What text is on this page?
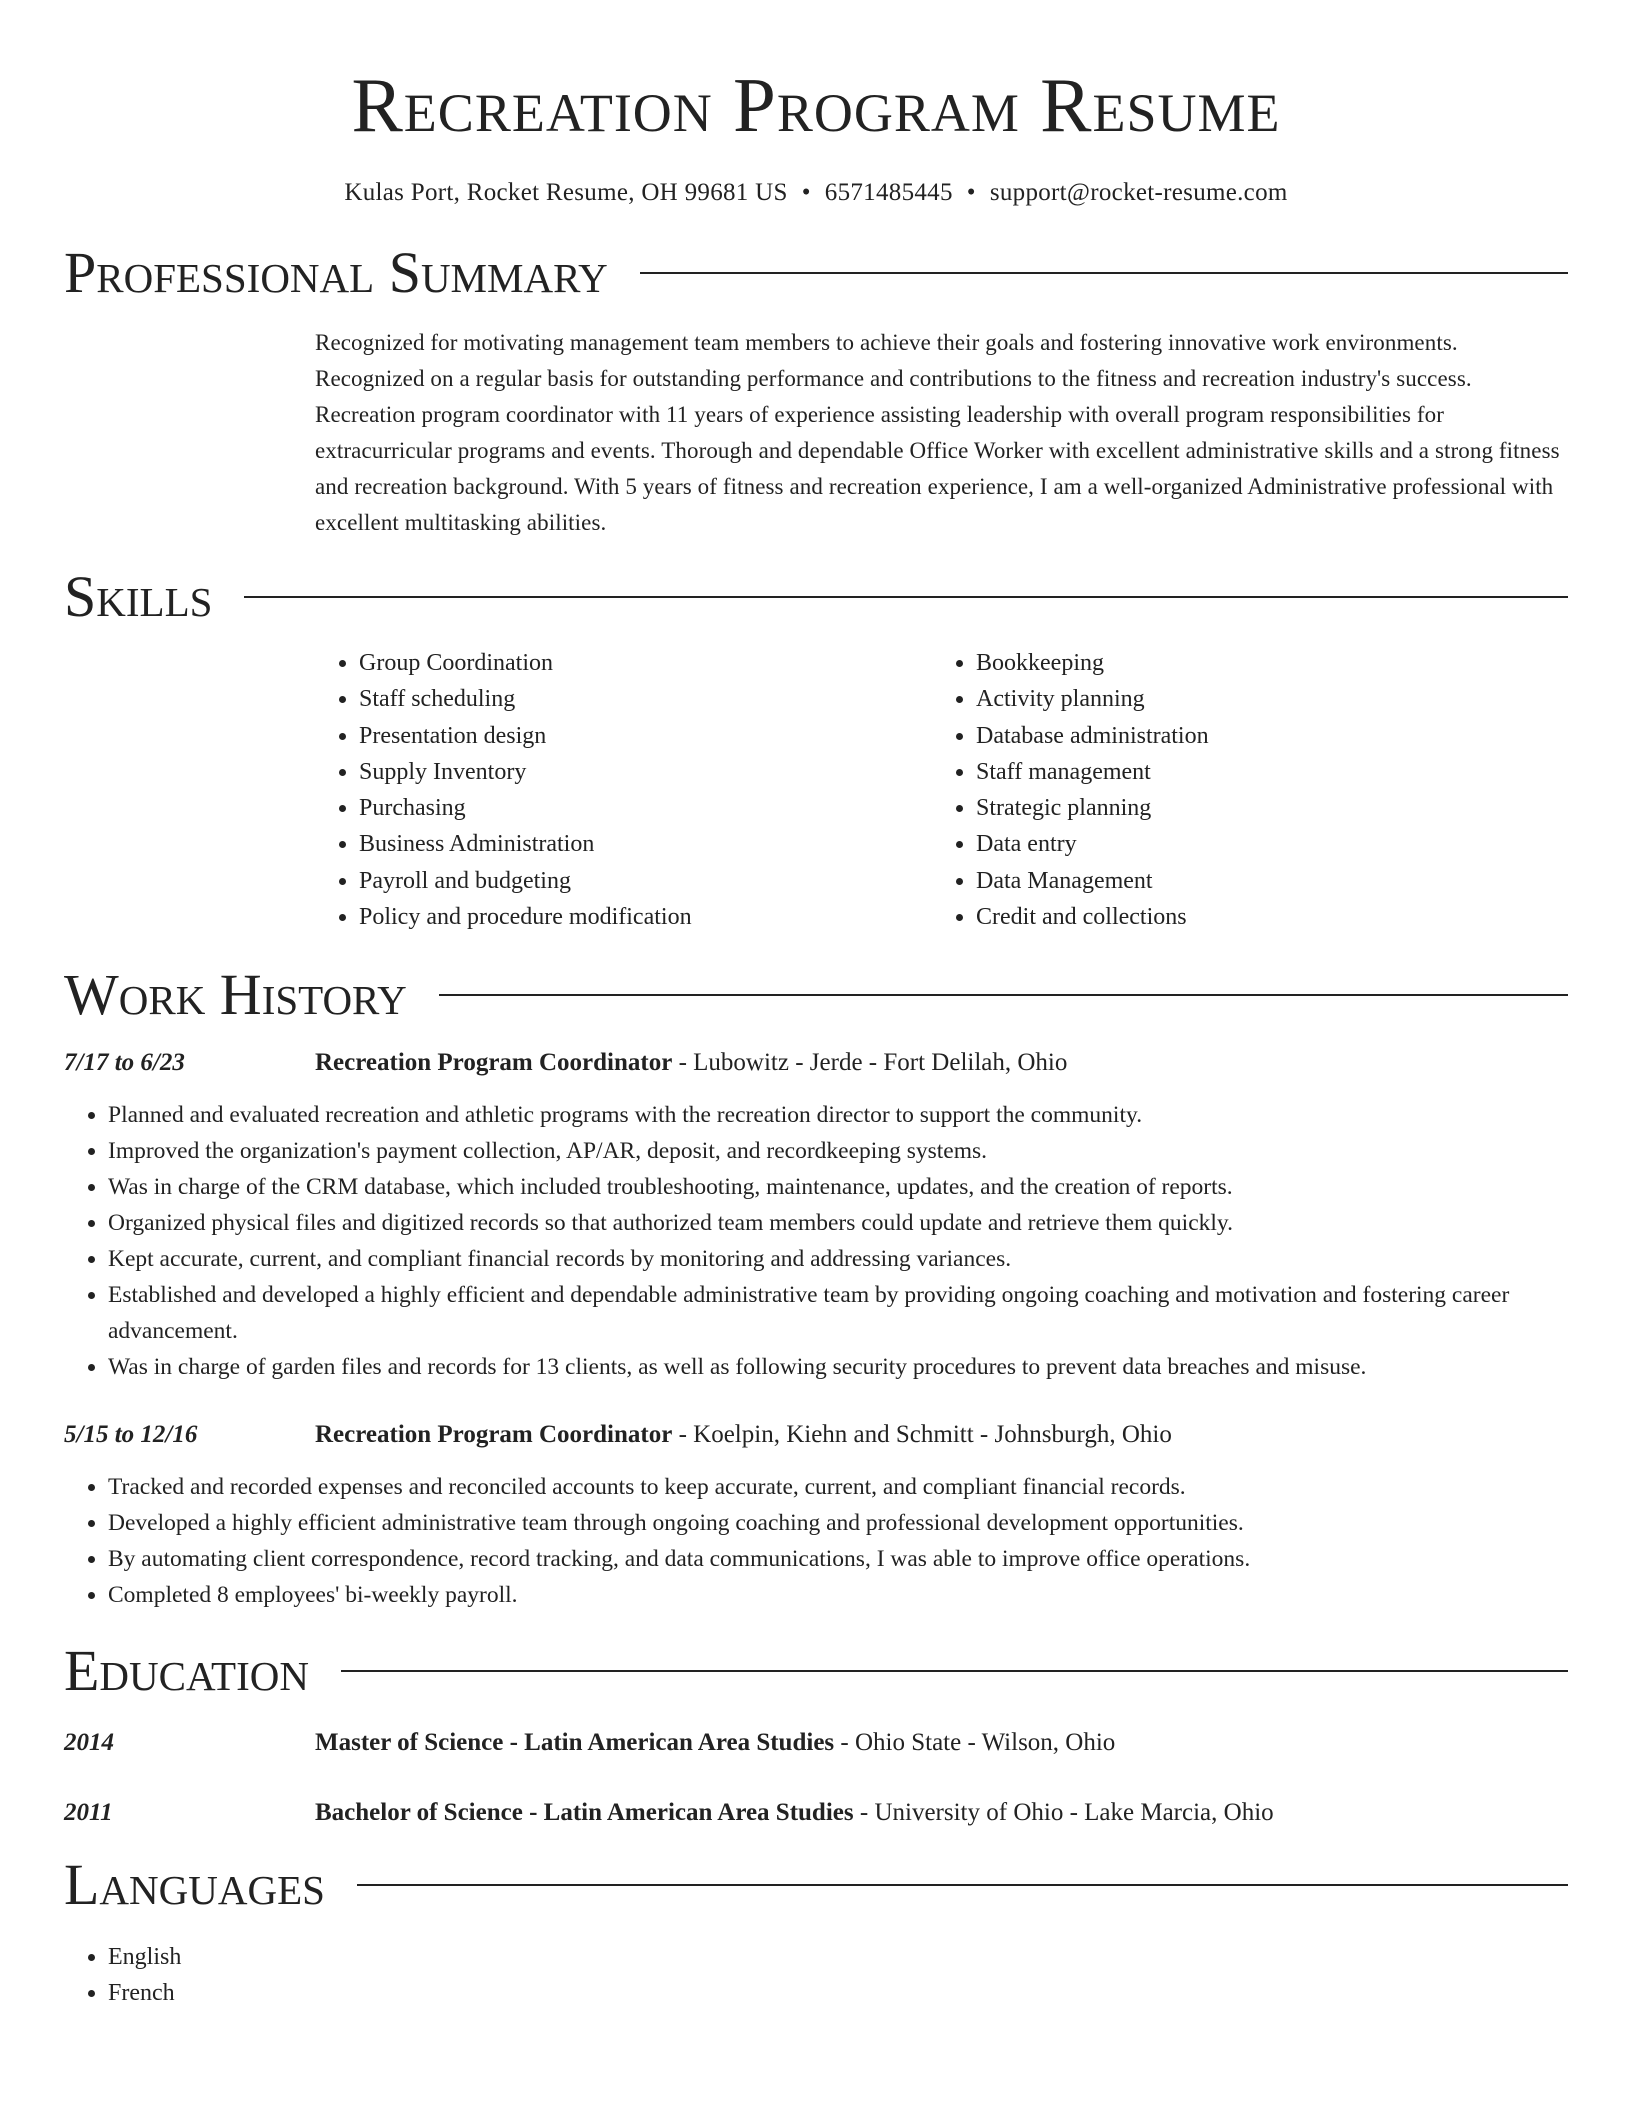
Recreation Program Resume
Kulas Port, Rocket Resume, OH 99681 US • 6571485445 • support@rocket-resume.com
Professional Summary
Recognized for motivating management team members to achieve their goals and fostering innovative work environments. Recognized on a regular basis for outstanding performance and contributions to the fitness and recreation industry's success. Recreation program coordinator with 11 years of experience assisting leadership with overall program responsibilities for extracurricular programs and events. Thorough and dependable Office Worker with excellent administrative skills and a strong fitness and recreation background. With 5 years of fitness and recreation experience, I am a well-organized Administrative professional with excellent multitasking abilities.
Skills
• Group Coordination
• Staff scheduling
• Presentation design
• Supply Inventory
• Purchasing
• Business Administration
• Payroll and budgeting
• Policy and procedure modification
• Bookkeeping
• Activity planning
• Database administration
• Staff management
• Strategic planning
• Data entry
• Data Management
• Credit and collections
Work History
7/17 to 6/23	Recreation Program Coordinator - Lubowitz - Jerde - Fort Delilah, Ohio
• Planned and evaluated recreation and athletic programs with the recreation director to support the community.
• Improved the organization's payment collection, AP/AR, deposit, and recordkeeping systems.
• Was in charge of the CRM database, which included troubleshooting, maintenance, updates, and the creation of reports.
• Organized physical files and digitized records so that authorized team members could update and retrieve them quickly.
• Kept accurate, current, and compliant financial records by monitoring and addressing variances.
• Established and developed a highly efficient and dependable administrative team by providing ongoing coaching and motivation and fostering career advancement.
• Was in charge of garden files and records for 13 clients, as well as following security procedures to prevent data breaches and misuse.
5/15 to 12/16	Recreation Program Coordinator - Koelpin, Kiehn and Schmitt - Johnsburgh, Ohio
• Tracked and recorded expenses and reconciled accounts to keep accurate, current, and compliant financial records.
• Developed a highly efficient administrative team through ongoing coaching and professional development opportunities.
• By automating client correspondence, record tracking, and data communications, I was able to improve office operations.
• Completed 8 employees' bi-weekly payroll.
Education
2014	Master of Science - Latin American Area Studies - Ohio State - Wilson, Ohio
2011	Bachelor of Science - Latin American Area Studies - University of Ohio - Lake Marcia, Ohio
Languages
• English
• French
